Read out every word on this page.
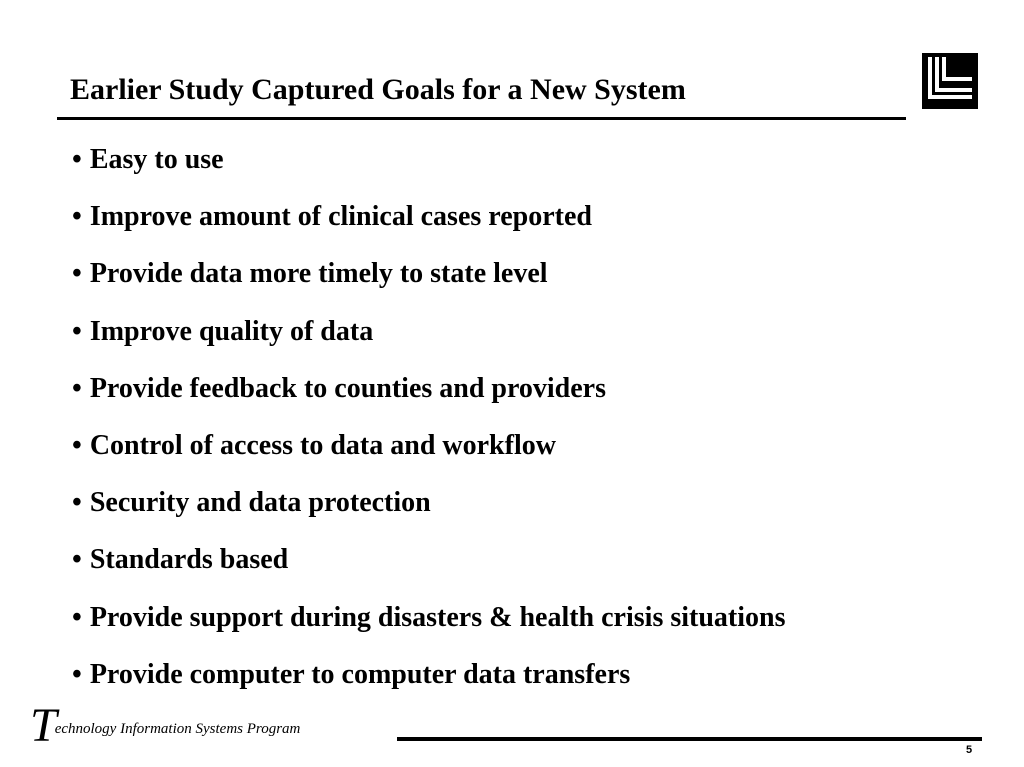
Earlier Study Captured Goals for a New System
• Easy to use
• Improve amount of clinical cases reported
• Provide data more timely to state level
• Improve quality of data
• Provide feedback to counties and providers
• Control of access to data and workflow
• Security and data protection
• Standards based
• Provide support during disasters & health crisis situations
• Provide computer to computer data transfers
Technology Information Systems Program
5
